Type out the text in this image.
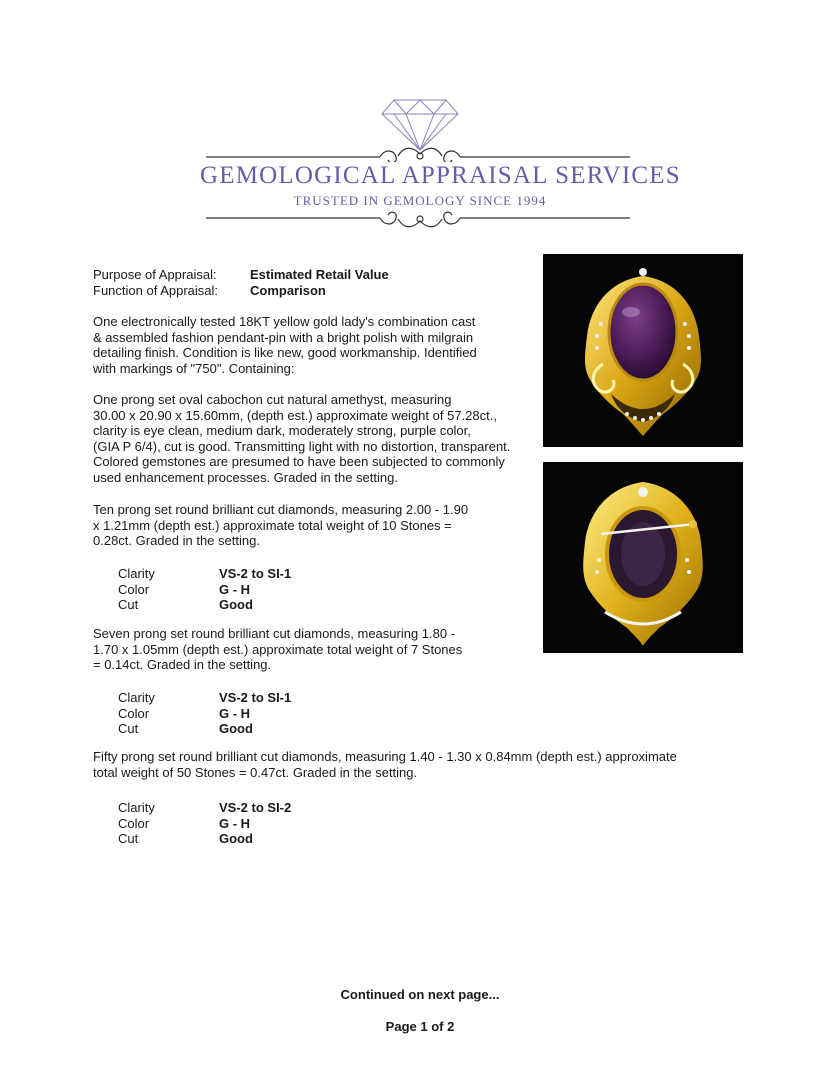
GEMOLOGICAL APPRAISAL SERVICES
TRUSTED IN GEMOLOGY SINCE 1994
Purpose of Appraisal:	Estimated Retail Value
Function of Appraisal:	Comparison
One electronically tested 18KT yellow gold lady's combination cast
& assembled fashion pendant-pin with a bright polish with milgrain
detailing finish. Condition is like new, good workmanship. Identified
with markings of "750". Containing:
One prong set oval cabochon cut natural amethyst, measuring
30.00 x 20.90 x 15.60mm, (depth est.) approximate weight of 57.28ct.,
clarity is eye clean, medium dark, moderately strong, purple color,
(GIA P 6/4), cut is good. Transmitting light with no distortion, transparent.
Colored gemstones are presumed to have been subjected to commonly
used enhancement processes. Graded in the setting.
Ten prong set round brilliant cut diamonds, measuring 2.00 - 1.90
x 1.21mm (depth est.) approximate total weight of 10 Stones =
0.28ct. Graded in the setting.
Clarity	VS-2 to SI-1
Color	G - H
Cut	Good
Seven prong set round brilliant cut diamonds, measuring 1.80 -
1.70 x 1.05mm (depth est.) approximate total weight of 7 Stones
= 0.14ct. Graded in the setting.
Clarity	VS-2 to SI-1
Color	G - H
Cut	Good
Fifty prong set round brilliant cut diamonds, measuring 1.40 - 1.30 x 0.84mm (depth est.) approximate
total weight of 50 Stones = 0.47ct. Graded in the setting.
Clarity	VS-2 to SI-2
Color	G - H
Cut	Good
Continued on next page...
Page 1 of 2
